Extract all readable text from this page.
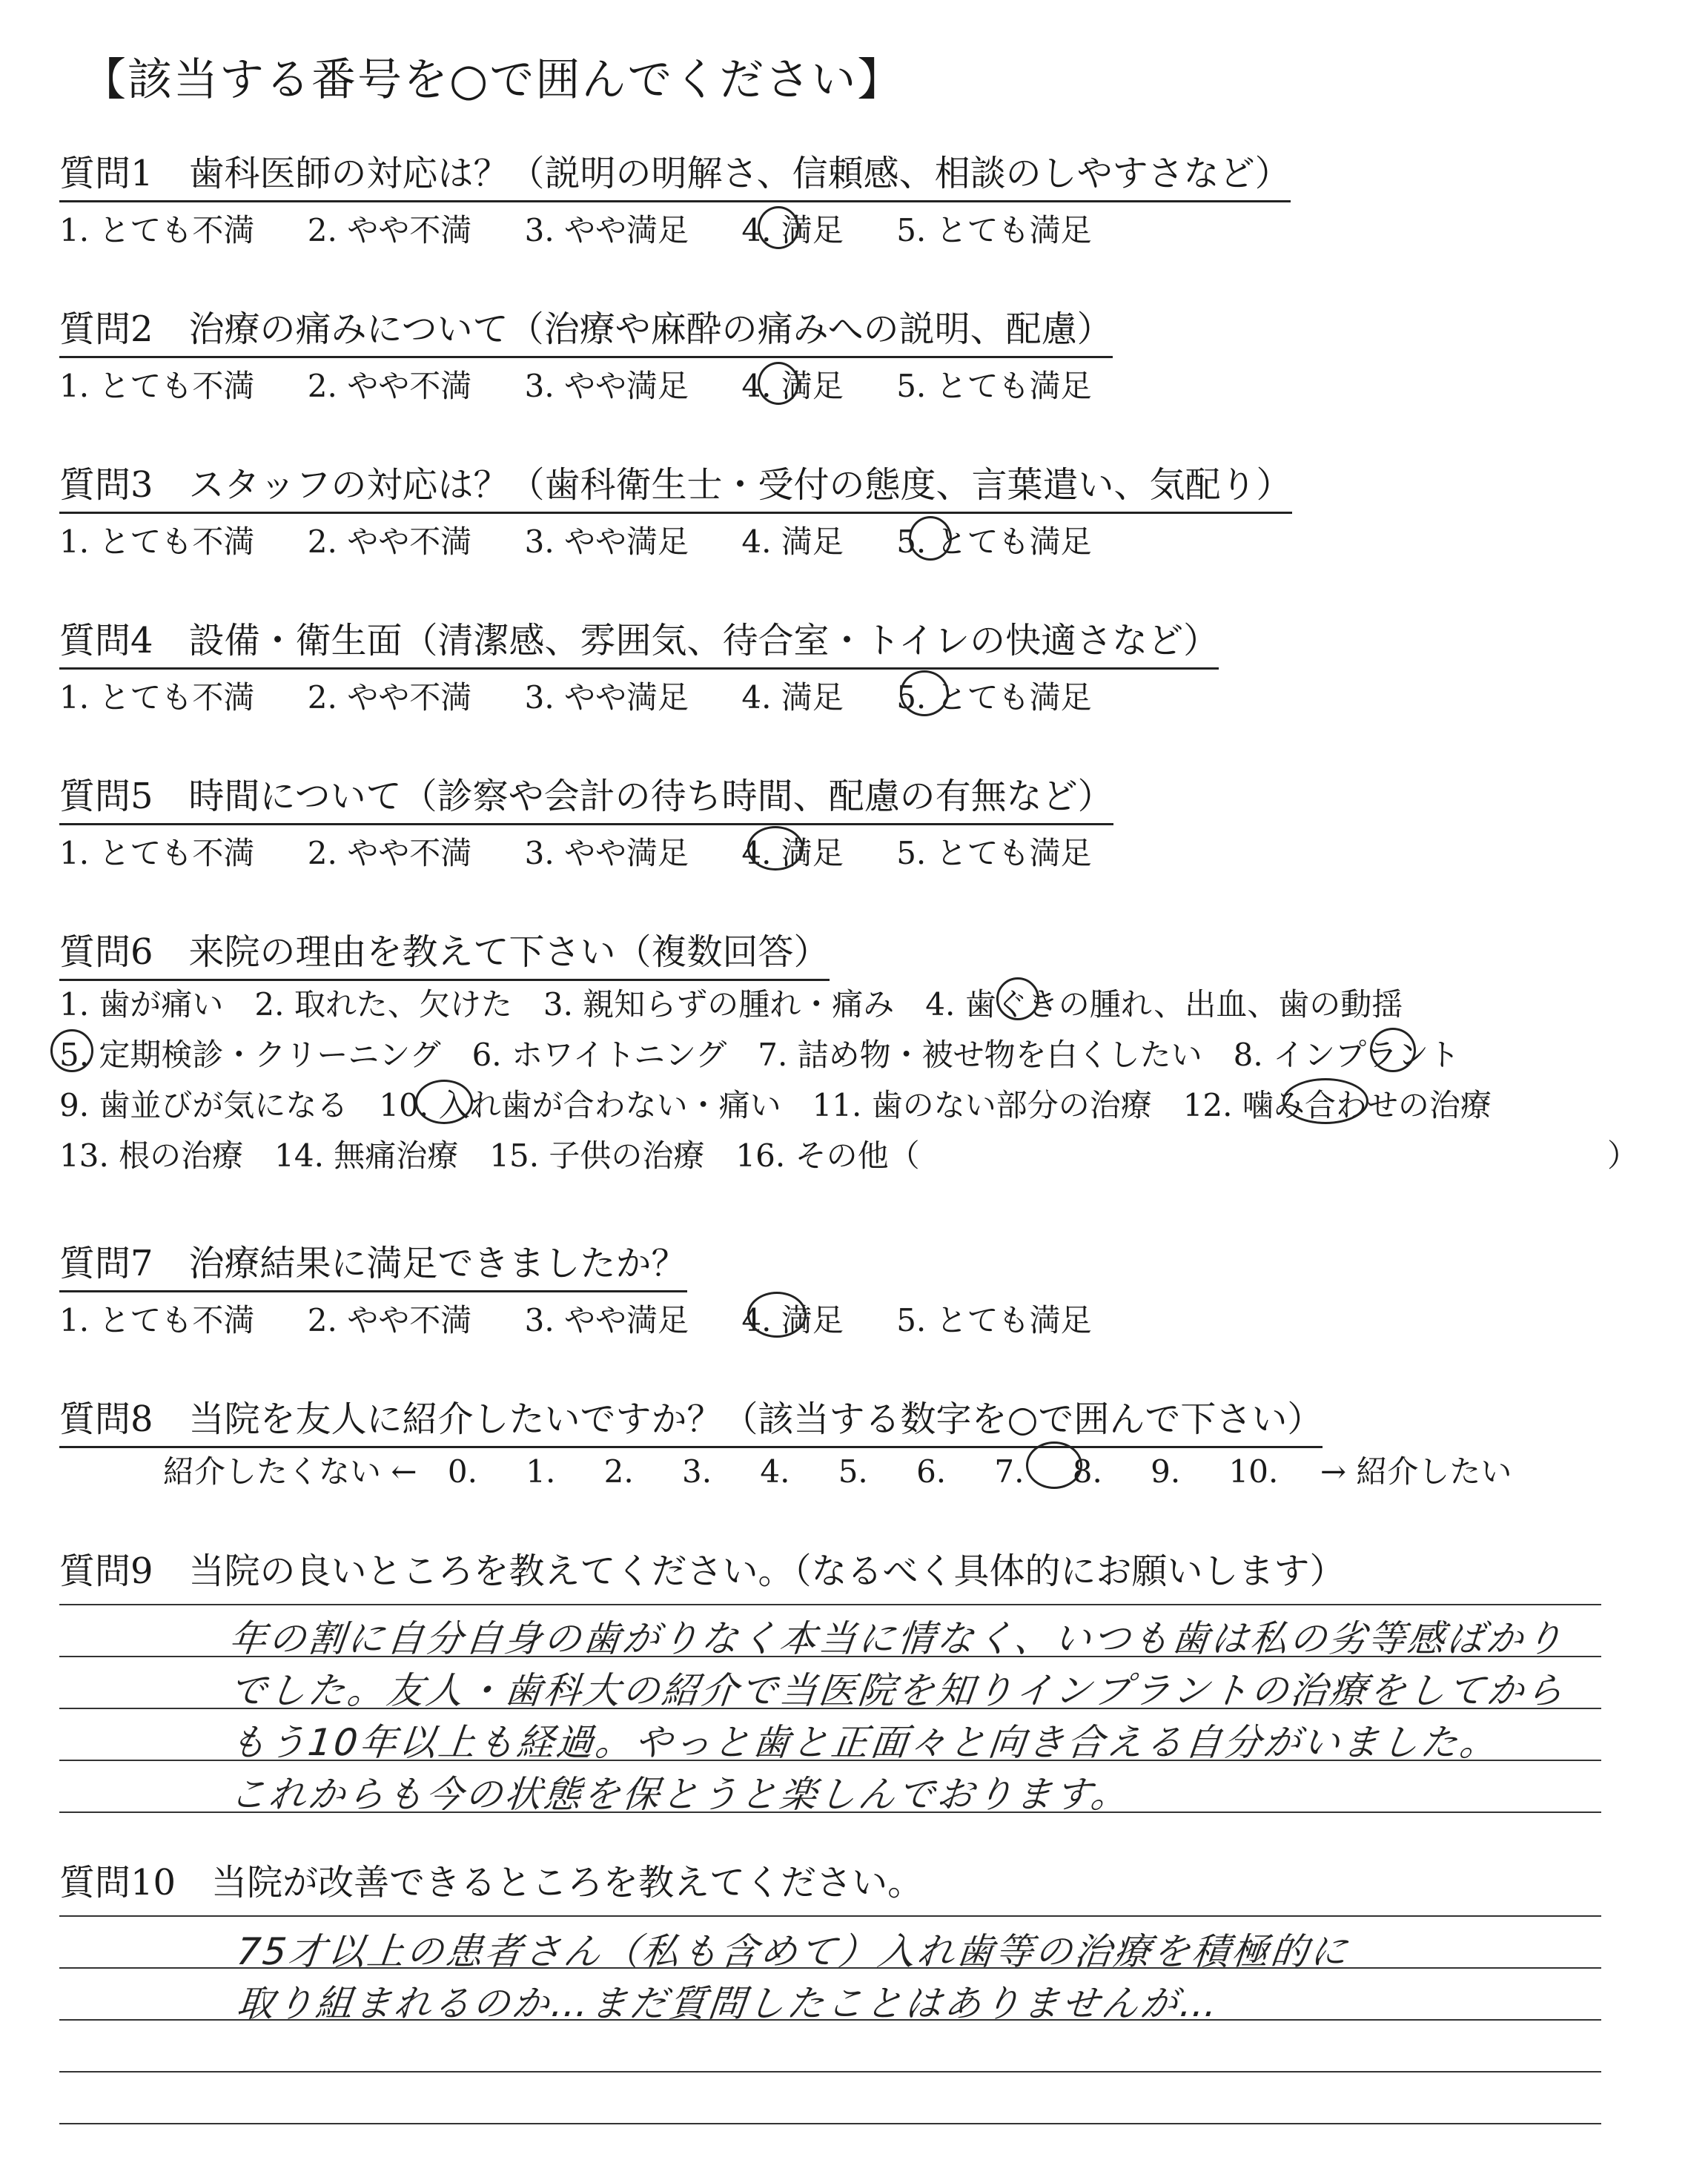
【該当する番号を○で囲んでください】
質問1　歯科医師の対応は？（説明の明解さ、信頼感、相談のしやすさなど）
1. とても不満 2. やや不満 3. やや満足 4. 満足 5. とても満足
質問2　治療の痛みについて（治療や麻酔の痛みへの説明、配慮）
1. とても不満 2. やや不満 3. やや満足 4. 満足 5. とても満足
質問3　スタッフの対応は？（歯科衛生士・受付の態度、言葉遣い、気配り）
1. とても不満 2. やや不満 3. やや満足 4. 満足 5. とても満足
質問4　設備・衛生面（清潔感、雰囲気、待合室・トイレの快適さなど）
1. とても不満 2. やや不満 3. やや満足 4. 満足 5. とても満足
質問5　時間について（診察や会計の待ち時間、配慮の有無など）
1. とても不満 2. やや不満 3. やや満足 4. 満足 5. とても満足
質問6　来院の理由を教えて下さい（複数回答）
1. 歯が痛い　2. 取れた、欠けた　3. 親知らずの腫れ・痛み　4. 歯ぐきの腫れ、出血、歯の動揺
5. 定期検診・クリーニング　6. ホワイトニング　7. 詰め物・被せ物を白くしたい　8. インプラント
9. 歯並びが気になる　10. 入れ歯が合わない・痛い　11. 歯のない部分の治療　12. 噛み合わせの治療
13. 根の治療　14. 無痛治療　15. 子供の治療　16. その他（	）
質問7　治療結果に満足できましたか？
1. とても不満 2. やや不満 3. やや満足 4. 満足 5. とても満足
質問8　当院を友人に紹介したいですか？（該当する数字を○で囲んで下さい）
紹介したくない ← 0. 1. 2. 3. 4. 5. 6. 7. 8. 9. 10. → 紹介したい
質問9　当院の良いところを教えてください。（なるべく具体的にお願いします）
年の割に自分自身の歯がりなく本当に情なく、いつも歯は私の劣等感ばかり
でした。友人・歯科大の紹介で当医院を知りインプラントの治療をしてから
もう10年以上も経過。やっと歯と正面々と向き合える自分がいました。
これからも今の状態を保とうと楽しんでおります。
質問10　当院が改善できるところを教えてください。
75才以上の患者さん（私も含めて）入れ歯等の治療を積極的に
取り組まれるのか…まだ質問したことはありませんが…
